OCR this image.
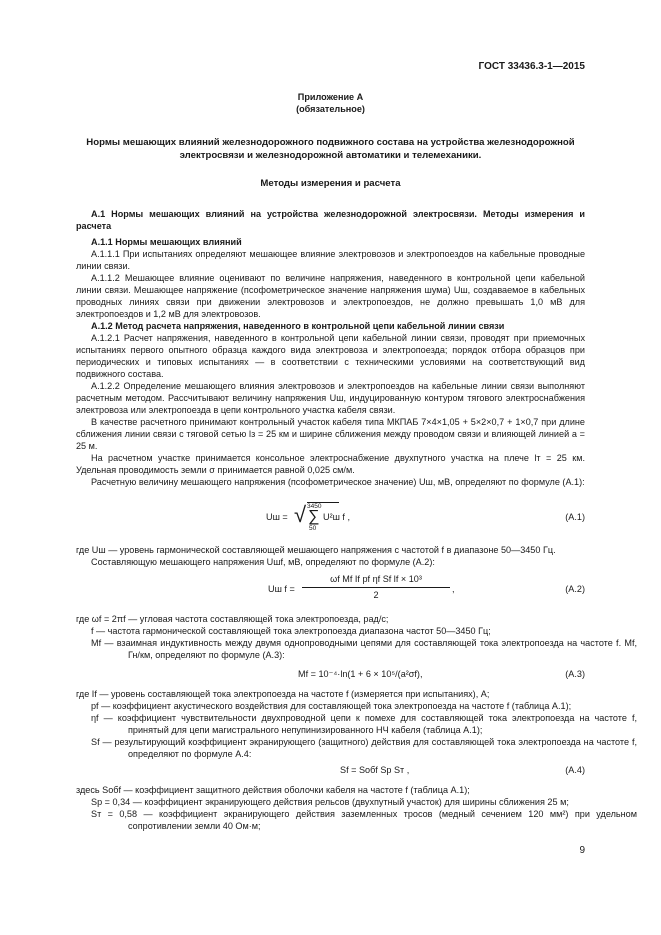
ГОСТ 33436.3-1—2015
Приложение А
(обязательное)
Нормы мешающих влияний железнодорожного подвижного состава на устройства железнодорожной электросвязи и железнодорожной автоматики и телемеханики.
Методы измерения и расчета
А.1 Нормы мешающих влияний на устройства железнодорожной электросвязи. Методы измерения и расчета
А.1.1 Нормы мешающих влияний
А.1.1.1 При испытаниях определяют мешающее влияние электровозов и электропоездов на кабельные проводные линии связи.
А.1.1.2 Мешающее влияние оценивают по величине напряжения, наведенного в контрольной цепи кабельной линии связи. Мешающее напряжение (псофометрическое значение напряжения шума) Uш, создаваемое в кабельных проводных линиях связи при движении электровозов и электропоездов, не должно превышать 1,0 мВ для электропоездов и 1,2 мВ для электровозов.
А.1.2 Метод расчета напряжения, наведенного в контрольной цепи кабельной линии связи
А.1.2.1 Расчет напряжения, наведенного в контрольной цепи кабельной линии связи, проводят при приемочных испытаниях первого опытного образца каждого вида электровоза и электропоезда; порядок отбора образцов при периодических и типовых испытаниях — в соответствии с техническими условиями на соответствующий вид подвижного состава.
А.1.2.2 Определение мешающего влияния электровозов и электропоездов на кабельные линии связи выполняют расчетным методом. Рассчитывают величину напряжения Uш, индуцированную контуром тягового электроснабжения электровоза или электропоезда в цепи контрольного участка кабеля связи.
В качестве расчетного принимают контрольный участок кабеля типа МКПАБ 7×4×1,05 + 5×2×0,7 + 1×0,7 при длине сближения линии связи с тяговой сетью lз = 25 км и ширине сближения между проводом связи и влияющей линией a = 25 м.
На расчетном участке принимается консольное электроснабжение двухпутного участка на плече lт = 25 км. Удельная проводимость земли σ принимается равной 0,025 см/м.
Расчетную величину мешающего напряжения (псофометрическое значение) Uш, мВ, определяют по формуле (А.1):
Uш = √ 3450
∑
50
U²ш f ,	(А.1)
где Uш — уровень гармонической составляющей мешающего напряжения с частотой f в диапазоне 50—3450 Гц.
Составляющую мешающего напряжения Uшf, мВ, определяют по формуле (А.2):
Uш f =
ωf Mf If pf ηf Sf lf × 10³
2
,	(А.2)
где ωf = 2πf — угловая частота составляющей тока электропоезда, рад/с;
f — частота гармонической составляющей тока электропоезда диапазона частот 50—3450 Гц;
Mf — взаимная индуктивность между двумя однопроводными цепями для составляющей тока электропоезда на частоте f. Mf, Гн/км, определяют по формуле (А.3):
Mf = 10⁻⁴·ln(1 + 6 × 10⁵/(a²σf),	(А.3)
где If — уровень составляющей тока электропоезда на частоте f (измеряется при испытаниях), А;
pf — коэффициент акустического воздействия для составляющей тока электропоезда на частоте f (таблица А.1);
ηf — коэффициент чувствительности двухпроводной цепи к помехе для составляющей тока электропоезда на частоте f, принятый для цепи магистрального непупинизированного НЧ кабеля (таблица А.1);
Sf — результирующий коэффициент экранирующего (защитного) действия для составляющей тока электропоезда на частоте f, определяют по формуле А.4:
Sf = Sобf Sр Sт ,	(А.4)
здесь Sобf — коэффициент защитного действия оболочки кабеля на частоте f (таблица А.1);
Sр = 0,34 — коэффициент экранирующего действия рельсов (двухпутный участок) для ширины сближения 25 м;
Sт = 0,58 — коэффициент экранирующего действия заземленных тросов (медный сечением 120 мм²) при удельном сопротивлении земли 40 Ом·м;
9
